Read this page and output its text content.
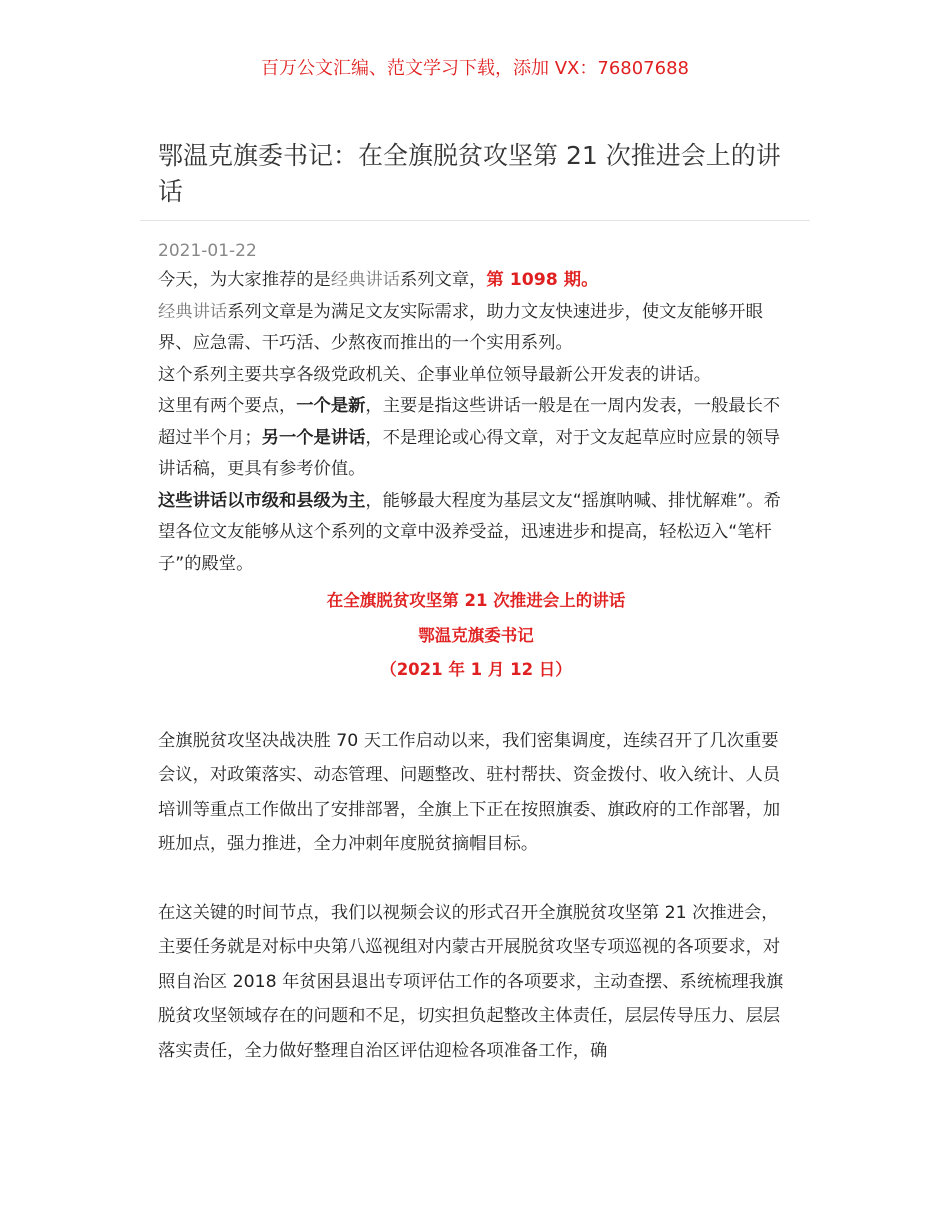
百万公文汇编、范文学习下载，添加 VX：76807688
鄂温克旗委书记：在全旗脱贫攻坚第 21 次推进会上的讲话
2021-01-22

今天，为大家推荐的是经典讲话系列文章，第 1098 期。

经典讲话系列文章是为满足文友实际需求，助力文友快速进步，使文友能够开眼界、应急需、干巧活、少熬夜而推出的一个实用系列。

这个系列主要共享各级党政机关、企事业单位领导最新公开发表的讲话。

这里有两个要点，一个是新，主要是指这些讲话一般是在一周内发表，一般最长不超过半个月；另一个是讲话，不是理论或心得文章，对于文友起草应时应景的领导讲话稿，更具有参考价值。

这些讲话以市级和县级为主，能够最大程度为基层文友“摇旗呐喊、排忧解难”。希望各位文友能够从这个系列的文章中汲养受益，迅速进步和提高，轻松迈入“笔杆子”的殿堂。

在全旗脱贫攻坚第 21 次推进会上的讲话

鄂温克旗委书记

（2021 年 1 月 12 日）

全旗脱贫攻坚决战决胜 70 天工作启动以来，我们密集调度，连续召开了几次重要会议，对政策落实、动态管理、问题整改、驻村帮扶、资金拨付、收入统计、人员培训等重点工作做出了安排部署，全旗上下正在按照旗委、旗政府的工作部署，加班加点，强力推进，全力冲刺年度脱贫摘帽目标。

在这关键的时间节点，我们以视频会议的形式召开全旗脱贫攻坚第 21 次推进会，主要任务就是对标中央第八巡视组对内蒙古开展脱贫攻坚专项巡视的各项要求，对照自治区 2018 年贫困县退出专项评估工作的各项要求，主动查摆、系统梳理我旗脱贫攻坚领域存在的问题和不足，切实担负起整改主体责任，层层传导压力、层层落实责任，全力做好整理自治区评估迎检各项准备工作，确
